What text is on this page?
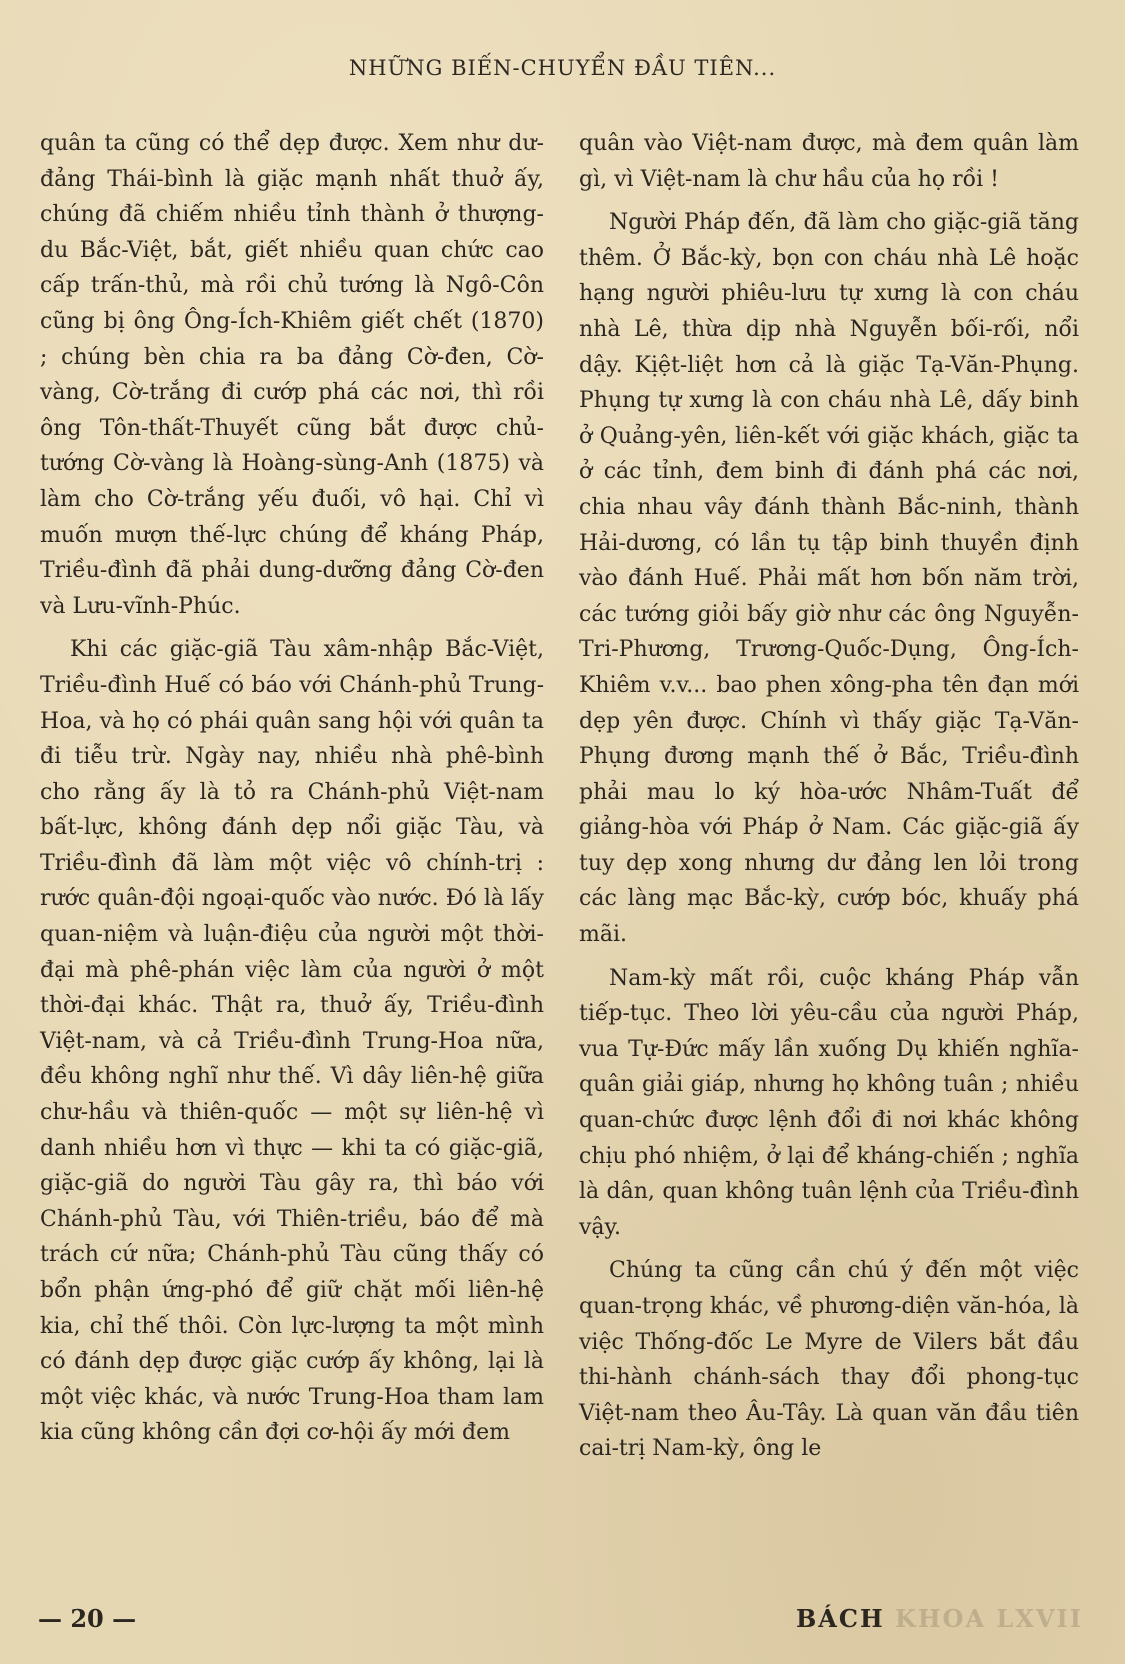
NHỮNG BIẾN-CHUYỂN ĐẦU TIÊN...

quân ta cũng có thể dẹp được. Xem như dư-đảng Thái-bình là giặc mạnh nhất thuở ấy, chúng đã chiếm nhiều tỉnh thành ở thượng-du Bắc-Việt, bắt, giết nhiều quan chức cao cấp trấn-thủ, mà rồi chủ tướng là Ngô-Côn cũng bị ông Ông-Ích-Khiêm giết chết (1870) ; chúng bèn chia ra ba đảng Cờ-đen, Cờ-vàng, Cờ-trắng đi cướp phá các nơi, thì rồi ông Tôn-thất-Thuyết cũng bắt được chủ-tướng Cờ-vàng là Hoàng-sùng-Anh (1875) và làm cho Cờ-trắng yếu đuối, vô hại. Chỉ vì muốn mượn thế-lực chúng để kháng Pháp, Triều-đình đã phải dung-dưỡng đảng Cờ-đen và Lưu-vĩnh-Phúc.

Khi các giặc-giã Tàu xâm-nhập Bắc-Việt, Triều-đình Huế có báo với Chánh-phủ Trung-Hoa, và họ có phái quân sang hội với quân ta đi tiễu trừ. Ngày nay, nhiều nhà phê-bình cho rằng ấy là tỏ ra Chánh-phủ Việt-nam bất-lực, không đánh dẹp nổi giặc Tàu, và Triều-đình đã làm một việc vô chính-trị : rước quân-đội ngoại-quốc vào nước. Đó là lấy quan-niệm và luận-điệu của người một thời-đại mà phê-phán việc làm của người ở một thời-đại khác. Thật ra, thuở ấy, Triều-đình Việt-nam, và cả Triều-đình Trung-Hoa nữa, đều không nghĩ như thế. Vì dây liên-hệ giữa chư-hầu và thiên-quốc — một sự liên-hệ vì danh nhiều hơn vì thực — khi ta có giặc-giã, giặc-giã do người Tàu gây ra, thì báo với Chánh-phủ Tàu, với Thiên-triều, báo để mà trách cứ nữa; Chánh-phủ Tàu cũng thấy có bổn phận ứng-phó để giữ chặt mối liên-hệ kia, chỉ thế thôi. Còn lực-lượng ta một mình có đánh dẹp được giặc cướp ấy không, lại là một việc khác, và nước Trung-Hoa tham lam kia cũng không cần đợi cơ-hội ấy mới đem

quân vào Việt-nam được, mà đem quân làm gì, vì Việt-nam là chư hầu của họ rồi !

Người Pháp đến, đã làm cho giặc-giã tăng thêm. Ở Bắc-kỳ, bọn con cháu nhà Lê hoặc hạng người phiêu-lưu tự xưng là con cháu nhà Lê, thừa dịp nhà Nguyễn bối-rối, nổi dậy. Kịệt-liệt hơn cả là giặc Tạ-Văn-Phụng. Phụng tự xưng là con cháu nhà Lê, dấy binh ở Quảng-yên, liên-kết với giặc khách, giặc ta ở các tỉnh, đem binh đi đánh phá các nơi, chia nhau vây đánh thành Bắc-ninh, thành Hải-dương, có lần tụ tập binh thuyền định vào đánh Huế. Phải mất hơn bốn năm trời, các tướng giỏi bấy giờ như các ông Nguyễn-Tri-Phương, Trương-Quốc-Dụng, Ông-Ích-Khiêm v.v... bao phen xông-pha tên đạn mới dẹp yên được. Chính vì thấy giặc Tạ-Văn-Phụng đương mạnh thế ở Bắc, Triều-đình phải mau lo ký hòa-ước Nhâm-Tuất để giảng-hòa với Pháp ở Nam. Các giặc-giã ấy tuy dẹp xong nhưng dư đảng len lỏi trong các làng mạc Bắc-kỳ, cướp bóc, khuấy phá mãi.

Nam-kỳ mất rồi, cuộc kháng Pháp vẫn tiếp-tục. Theo lời yêu-cầu của người Pháp, vua Tự-Đức mấy lần xuống Dụ khiến nghĩa-quân giải giáp, nhưng họ không tuân ; nhiều quan-chức được lệnh đổi đi nơi khác không chịu phó nhiệm, ở lại để kháng-chiến ; nghĩa là dân, quan không tuân lệnh của Triều-đình vậy.

Chúng ta cũng cần chú ý đến một việc quan-trọng khác, về phương-diện văn-hóa, là việc Thống-đốc Le Myre de Vilers bắt đầu thi-hành chánh-sách thay đổi phong-tục Việt-nam theo Âu-Tây. Là quan văn đầu tiên cai-trị Nam-kỳ, ông le

— 20 —	BÁCH KHOA LXVII
